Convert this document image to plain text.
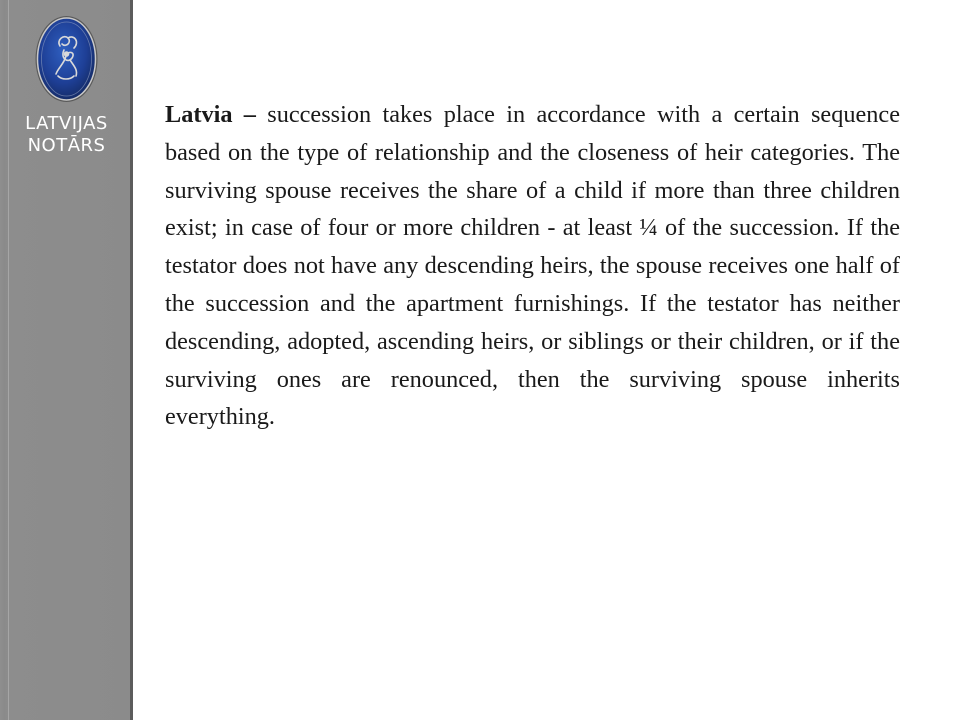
LATVIJAS
NOTĀRS

Latvia – succession takes place in accordance with a certain sequence based on the type of relationship and the closeness of heir categories. The surviving spouse receives the share of a child if more than three children exist; in case of four or more children - at least ¼ of the succession. If the testator does not have any descending heirs, the spouse receives one half of the succession and the apartment furnishings. If the testator has neither descending, adopted, ascending heirs, or siblings or their children, or if the surviving ones are renounced, then the surviving spouse inherits everything.
